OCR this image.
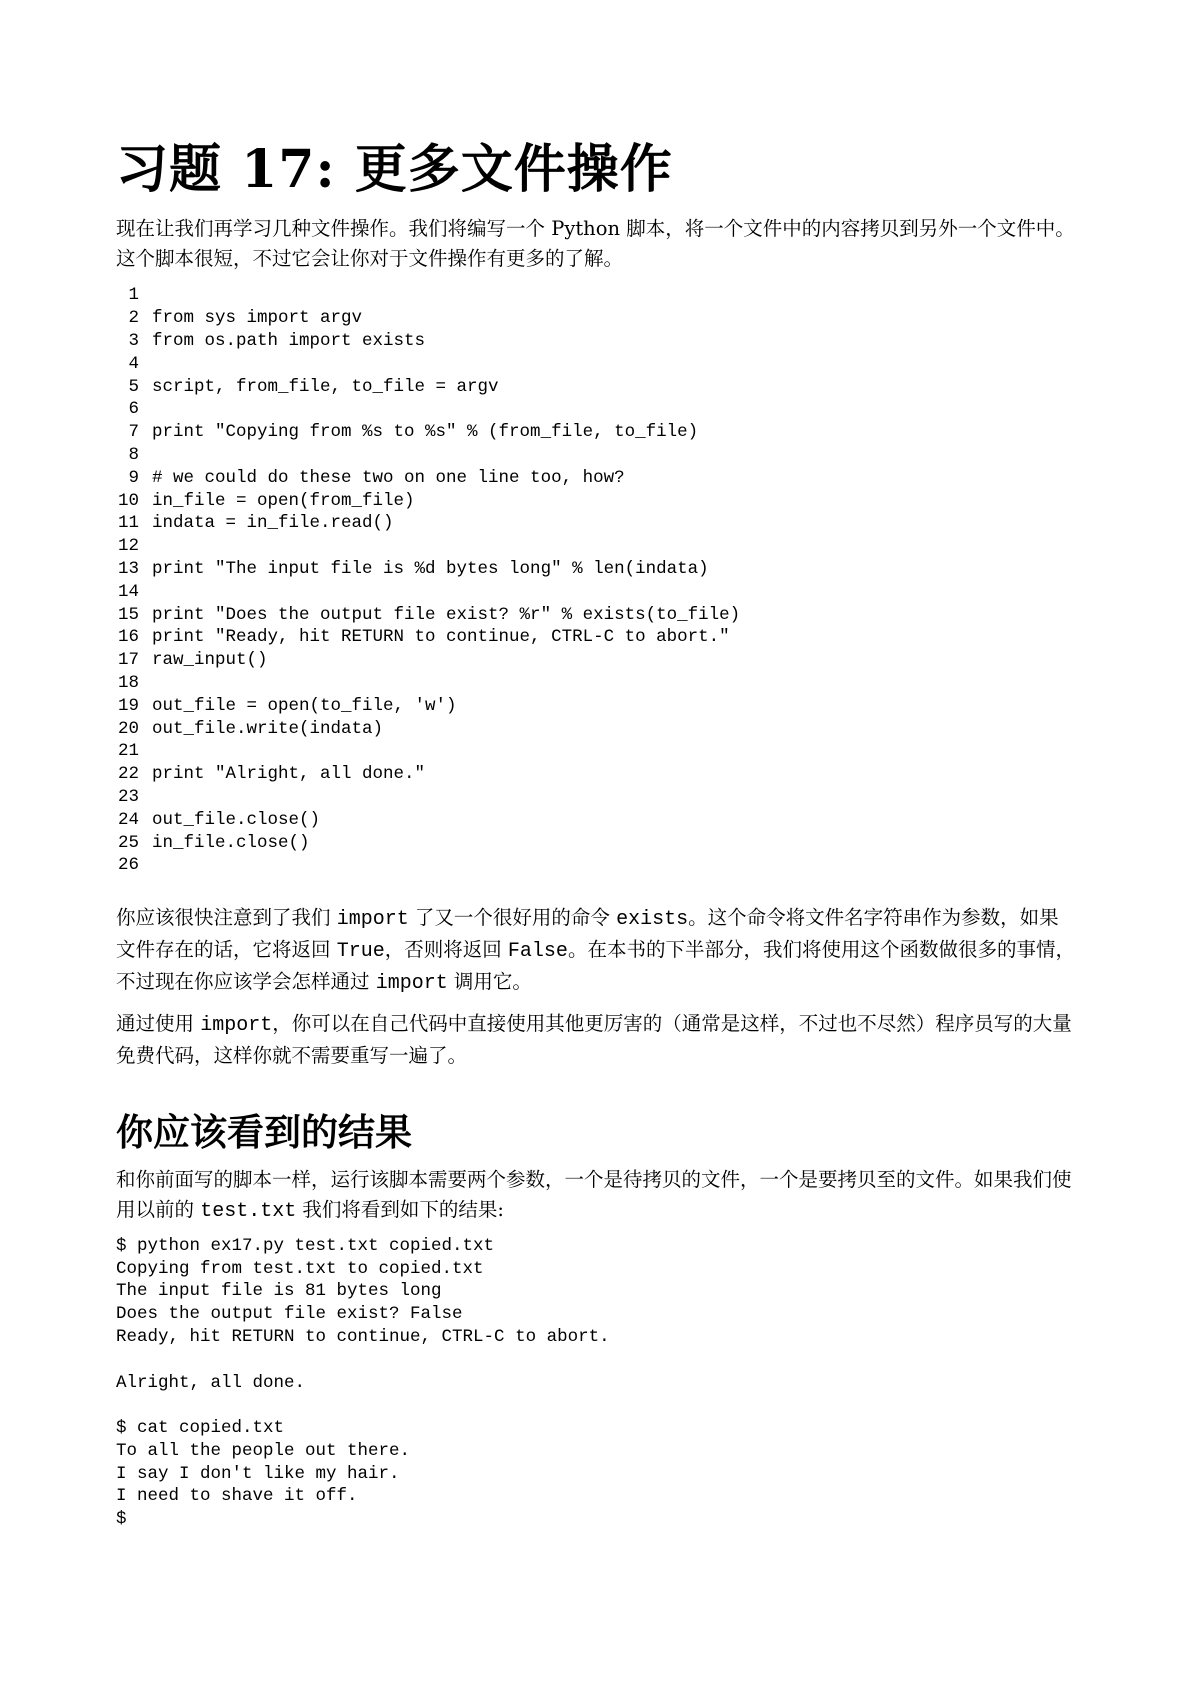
习题 17: 更多文件操作

现在让我们再学习几种文件操作。我们将编写一个 Python 脚本，将一个文件中的内容拷贝到另外一个文件中。这个脚本很短，不过它会让你对于文件操作有更多的了解。

1
2 from sys import argv
3 from os.path import exists
4
5 script, from_file, to_file = argv
6
7 print "Copying from %s to %s" % (from_file, to_file)
8
9 # we could do these two on one line too, how?
10 in_file = open(from_file)
11 indata = in_file.read()
12
13 print "The input file is %d bytes long" % len(indata)
14
15 print "Does the output file exist? %r" % exists(to_file)
16 print "Ready, hit RETURN to continue, CTRL-C to abort."
17 raw_input()
18
19 out_file = open(to_file, 'w')
20 out_file.write(indata)
21
22 print "Alright, all done."
23
24 out_file.close()
25 in_file.close()
26

你应该很快注意到了我们 import 了又一个很好用的命令 exists。这个命令将文件名字符串作为参数，如果文件存在的话，它将返回 True，否则将返回 False。在本书的下半部分，我们将使用这个函数做很多的事情，不过现在你应该学会怎样通过 import 调用它。

通过使用 import，你可以在自己代码中直接使用其他更厉害的（通常是这样，不过也不尽然）程序员写的大量免费代码，这样你就不需要重写一遍了。

你应该看到的结果

和你前面写的脚本一样，运行该脚本需要两个参数，一个是待拷贝的文件，一个是要拷贝至的文件。如果我们使用以前的 test.txt 我们将看到如下的结果:

$ python ex17.py test.txt copied.txt
Copying from test.txt to copied.txt
The input file is 81 bytes long
Does the output file exist? False
Ready, hit RETURN to continue, CTRL-C to abort.

Alright, all done.

$ cat copied.txt
To all the people out there.
I say I don't like my hair.
I need to shave it off.
$
